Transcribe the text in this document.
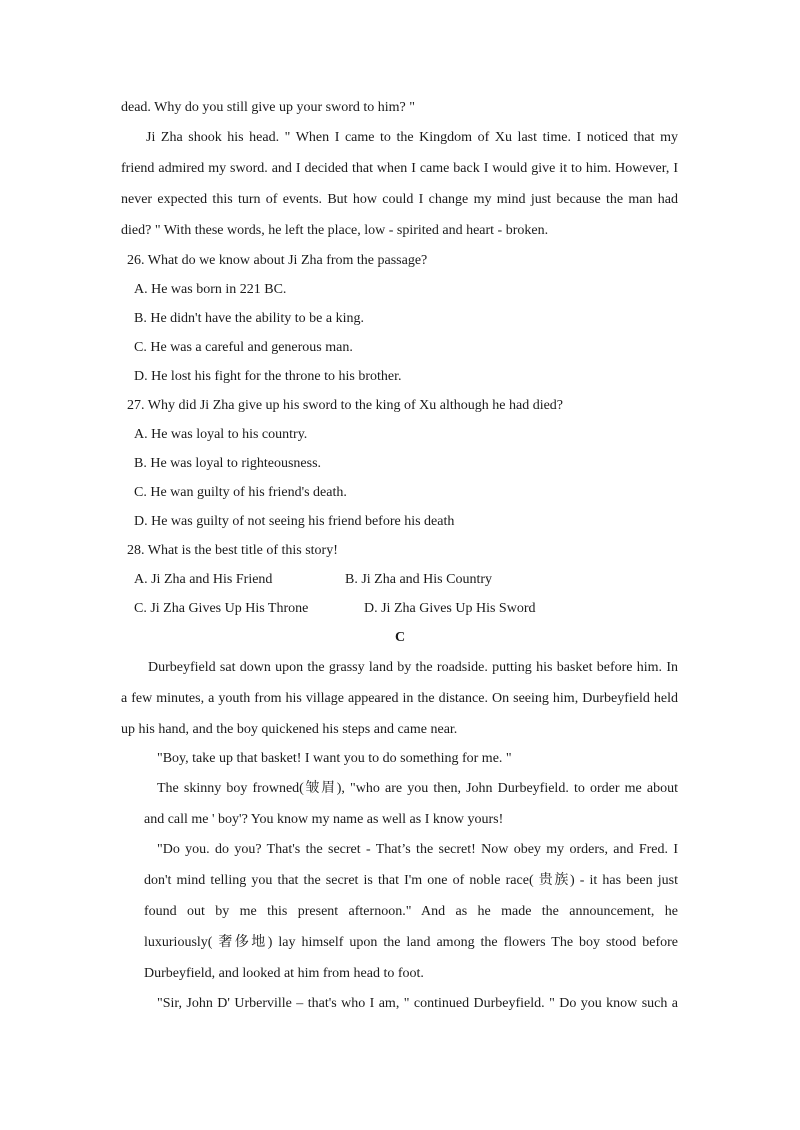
dead. Why do you still give up your sword to him? "
Ji Zha shook his head. " When I came to the Kingdom of Xu last time. I noticed that my
friend admired my sword. and I decided that when I came back I would give it to him. However, I
never expected this turn of events. But how could I change my mind just because the man had
died? " With these words, he left the place, low - spirited and heart - broken.
26. What do we know about Ji Zha from the passage?
A. He was born in 221 BC.
B. He didn't have the ability to be a king.
C. He was a careful and generous man.
D. He lost his fight for the throne to his brother.
27. Why did Ji Zha give up his sword to the king of Xu although he had died?
A. He was loyal to his country.
B. He was loyal to righteousness.
C. He wan guilty of his friend's death.
D. He was guilty of not seeing his friend before his death
28. What is the best title of this story!
A. Ji Zha and His Friend	B. Ji Zha and His Country
C. Ji Zha Gives Up His Throne	D. Ji Zha Gives Up His Sword
C
Durbeyfield sat down upon the grassy land by the roadside. putting his basket before him. In
a few minutes, a youth from his village appeared in the distance. On seeing him, Durbeyfield held
up his hand, and the boy quickened his steps and came near.
"Boy, take up that basket! I want you to do something for me. "
The skinny boy frowned(皱眉), "who are you then, John Durbeyfield. to order me about
and call me ' boy'? You know my name as well as I know yours!
"Do you. do you? That's the secret - That’s the secret! Now obey my orders, and Fred. I
don't mind telling you that the secret is that I'm one of noble race( 贵族) - it has been just
found out by me this present afternoon." And as he made the announcement, he
luxuriously( 奢侈地) lay himself upon the land among the flowers The boy stood before
Durbeyfield, and looked at him from head to foot.
"Sir, John D' Urberville – that's who I am, " continued Durbeyfield. " Do you know such a
